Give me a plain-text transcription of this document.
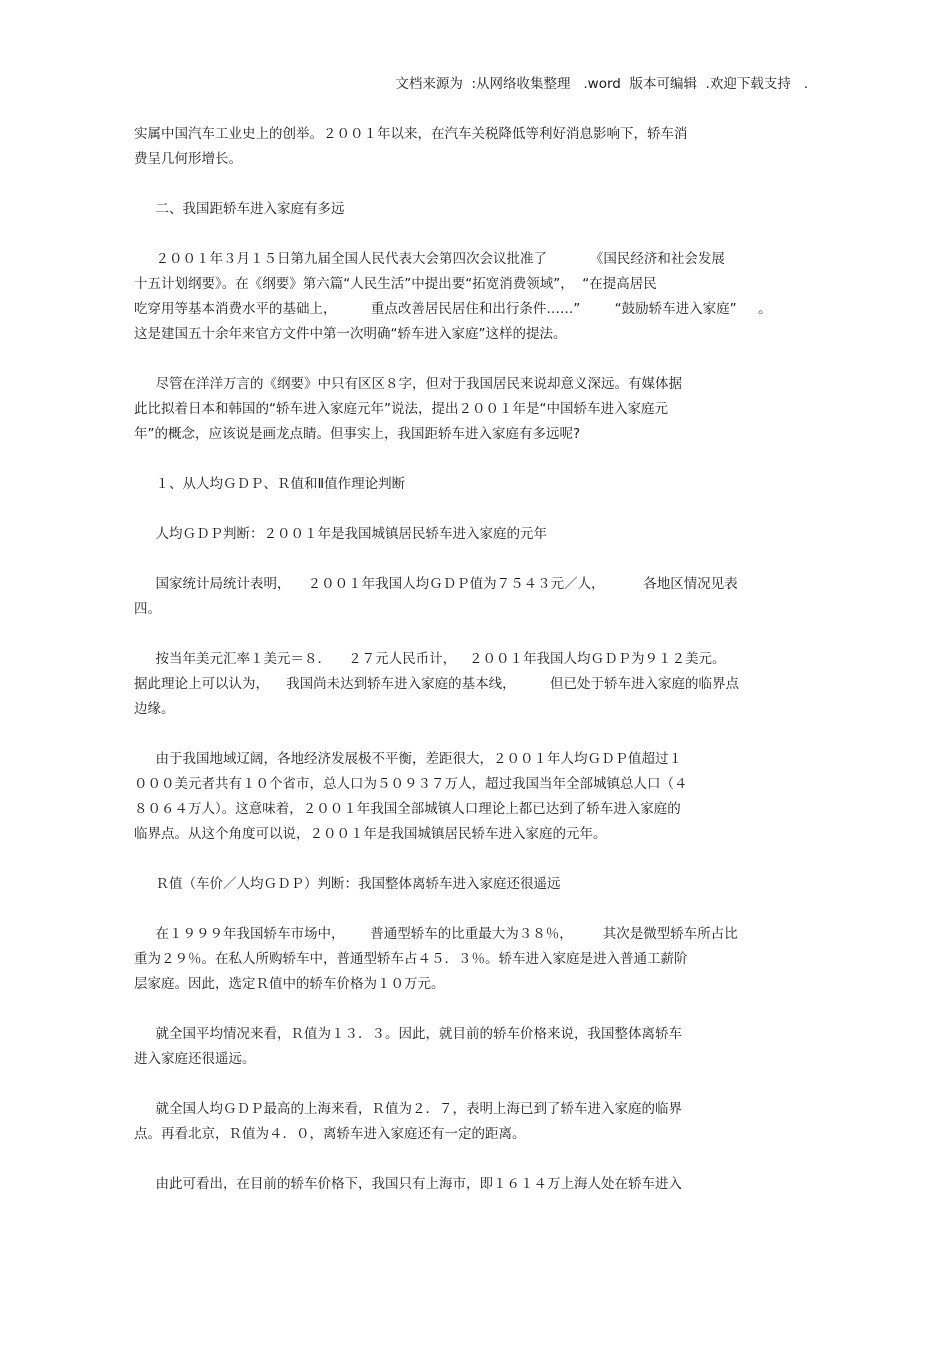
文档来源为  :从网络收集整理   .word  版本可编辑  .欢迎下载支持   .
实属中国汽车工业史上的创举。２００１年以来，在汽车关税降低等利好消息影响下，轿车消
费呈几何形增长。
二、我国距轿车进入家庭有多远
２００１年３月１５日第九届全国人民代表大会第四次会议批准了          《国民经济和社会发展
十五计划纲要》。在《纲要》第六篇“人民生活”中提出要“拓宽消费领域”，  “在提高居民
吃穿用等基本消费水平的基础上，        重点改善居民居住和出行条件……”        “鼓励轿车进入家庭”     。
这是建国五十余年来官方文件中第一次明确“轿车进入家庭”这样的提法。
尽管在洋洋万言的《纲要》中只有区区８字，但对于我国居民来说却意义深远。有媒体据
此比拟着日本和韩国的“轿车进入家庭元年”说法，提出２００１年是“中国轿车进入家庭元
年”的概念，应该说是画龙点睛。但事实上，我国距轿车进入家庭有多远呢?
１、从人均ＧＤＰ、Ｒ值和Ⅱ值作理论判断
人均ＧＤＰ判断：２００１年是我国城镇居民轿车进入家庭的元年
国家统计局统计表明，    ２００１年我国人均ＧＤＰ值为７５４３元／人，         各地区情况见表
四。
按当年美元汇率１美元＝８．    ２７元人民币计，   ２００１年我国人均ＧＤＰ为９１２美元。
据此理论上可以认为，    我国尚未达到轿车进入家庭的基本线，        但已处于轿车进入家庭的临界点
边缘。
由于我国地域辽阔，各地经济发展极不平衡，差距很大，２００１年人均ＧＤＰ值超过１
０００美元者共有１０个省市，总人口为５０９３７万人，超过我国当年全部城镇总人口（４
８０６４万人）。这意味着，２００１年我国全部城镇人口理论上都已达到了轿车进入家庭的
临界点。从这个角度可以说，２００１年是我国城镇居民轿车进入家庭的元年。
Ｒ值（车价／人均ＧＤＰ）判断：我国整体离轿车进入家庭还很遥远
在１９９９年我国轿车市场中，      普通型轿车的比重最大为３８％，       其次是微型轿车所占比
重为２９％。在私人所购轿车中，普通型轿车占４５．３％。轿车进入家庭是进入普通工薪阶
层家庭。因此，选定Ｒ值中的轿车价格为１０万元。
就全国平均情况来看，Ｒ值为１３．３。因此，就目前的轿车价格来说，我国整体离轿车
进入家庭还很遥远。
就全国人均ＧＤＰ最高的上海来看，Ｒ值为２．７，表明上海已到了轿车进入家庭的临界
点。再看北京，Ｒ值为４．０，离轿车进入家庭还有一定的距离。
由此可看出，在目前的轿车价格下，我国只有上海市，即１６１４万上海人处在轿车进入
